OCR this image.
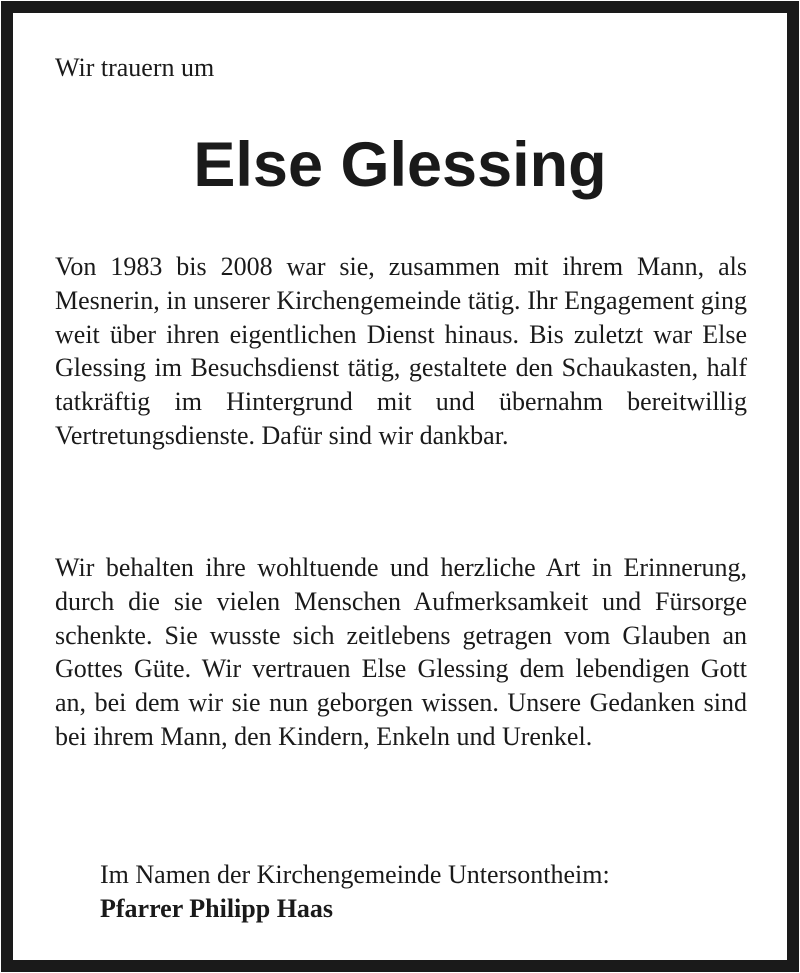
Wir trauern um

Else Glessing

Von 1983 bis 2008 war sie, zusammen mit ihrem Mann, als Mesnerin, in unserer Kirchengemeinde tätig. Ihr Engagement ging weit über ihren eigentlichen Dienst hinaus. Bis zuletzt war Else Glessing im Besuchsdienst tätig, gestaltete den Schaukasten, half tatkräftig im Hintergrund mit und übernahm bereitwillig Vertretungsdienste. Dafür sind wir dankbar.

Wir behalten ihre wohltuende und herzliche Art in Erinnerung, durch die sie vielen Menschen Aufmerksamkeit und Fürsorge schenkte. Sie wusste sich zeitlebens getragen vom Glauben an Gottes Güte. Wir vertrauen Else Glessing dem lebendigen Gott an, bei dem wir sie nun geborgen wissen. Unsere Gedanken sind bei ihrem Mann, den Kindern, Enkeln und Urenkel.

Im Namen der Kirchengemeinde Untersontheim:
Pfarrer Philipp Haas
